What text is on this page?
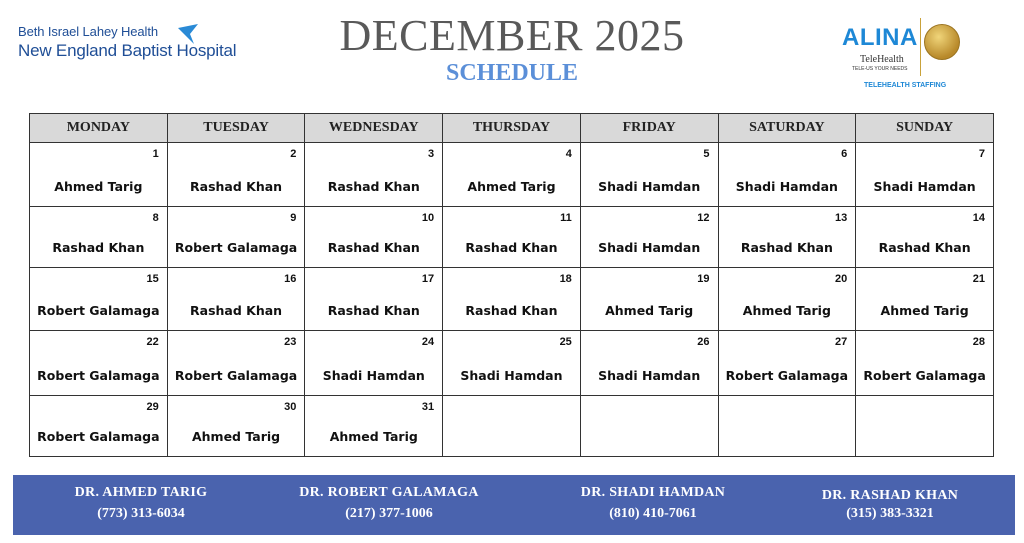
Beth Israel Lahey Health
New England Baptist Hospital	DECEMBER 2025
SCHEDULE
ALINA
TeleHealth
TELE-US YOUR NEEDS
TELEHEALTH STAFFING
MONDAY	TUESDAY	WEDNESDAY	THURSDAY	FRIDAY	SATURDAY	SUNDAY

1
Ahmed Tarig	2
Rashad Khan	3
Rashad Khan	4
Ahmed Tarig	5
Shadi Hamdan	6
Shadi Hamdan	7
Shadi Hamdan

8
Rashad Khan	9
Robert Galamaga	10
Rashad Khan	11
Rashad Khan	12
Shadi Hamdan	13
Rashad Khan	14
Rashad Khan

15
Robert Galamaga	16
Rashad Khan	17
Rashad Khan	18
Rashad Khan	19
Ahmed Tarig	20
Ahmed Tarig	21
Ahmed Tarig

22
Robert Galamaga	23
Robert Galamaga	24
Shadi Hamdan	25
Shadi Hamdan	26
Shadi Hamdan	27
Robert Galamaga	28
Robert Galamaga

29
Robert Galamaga	30
Ahmed Tarig	31
Ahmed Tarig				

DR. AHMED TARIG
(773) 313-6034
DR. ROBERT GALAMAGA
(217) 377-1006
DR. SHADI HAMDAN
(810) 410-7061
DR. RASHAD KHAN
(315) 383-3321
